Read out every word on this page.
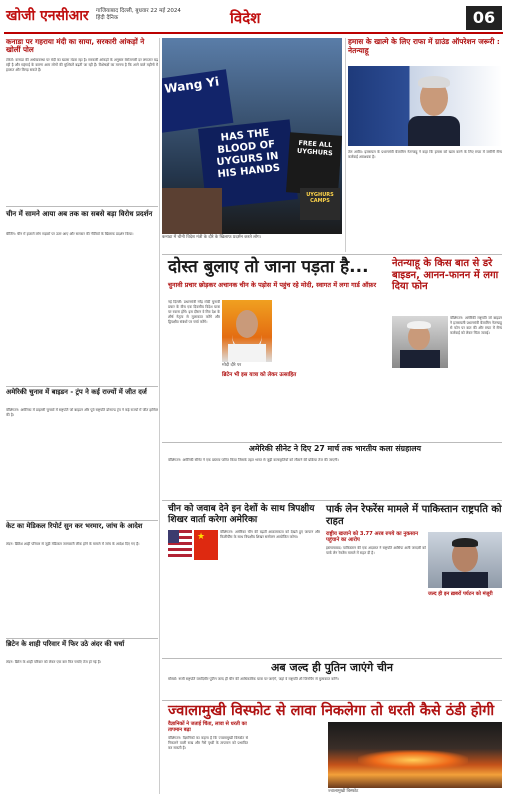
खोजी एनसीआर गाजियाबाद दिल्ली, बुधवार 22 मई 2024
हिंदी दैनिक	विदेश	06
कनाडा पर गहराया मंदी का साया, सरकारी आंकड़ों ने खोलीं पोल
टोरंटो: कनाडा की अर्थव्यवस्था पर मंदी का खतरा मंडरा रहा है। सरकारी आंकड़ों के अनुसार बेरोजगारी दर लगातार बढ़ रही है और महंगाई के कारण आम लोगों की मुश्किलें बढ़ती जा रही हैं। विशेषज्ञों का मानना है कि आने वाले महीनों में हालात और बिगड़ सकते हैं।
चीन में सामने आया अब तक का सबसे बड़ा विरोध प्रदर्शन
बीजिंग: चीन में हजारों लोग सड़कों पर उतर आए और सरकार की नीतियों के खिलाफ प्रदर्शन किया।
अमेरिकी चुनाव में बाइडन - ट्रंप ने कई राज्यों में जीत दर्ज
वॉशिंगटन: अमेरिका में प्राइमरी चुनावों में राष्ट्रपति जो बाइडन और पूर्व राष्ट्रपति डोनाल्ड ट्रंप ने कई राज्यों में जीत हासिल की है।
केट का मेडिकल रिपोर्ट सुन कर भरमार, जांच के आदेश
लंदन: ब्रिटिश शाही परिवार से जुड़ी मेडिकल जानकारी लीक होने के मामले में जांच के आदेश दिए गए हैं।
ब्रिटेन के शाही परिवार में फिर उठे अंदर की चर्चा
लंदन: ब्रिटेन के शाही परिवार को लेकर एक बार फिर चर्चाएं तेज हो गई हैं।
Wang Yi
HAS THE BLOOD OF UYGURS IN HIS HANDS
FREE ALL UYGHURS
UYGHURS CAMPS
कनाडा में चीनी विदेश मंत्री के दौरे के खिलाफ प्रदर्शन करते लोग।
हमास के खात्मे के लिए राफा में ग्राउंड ऑपरेशन जरूरी : नेतन्याहू
तेल अवीव: इजरायल के प्रधानमंत्री बेंजामिन नेतन्याहू ने कहा कि हमास को खत्म करने के लिए राफा में जमीनी सैन्य कार्रवाई आवश्यक है।
दोस्त बुलाए तो जाना पड़ता है...
चुनावी प्रचार छोड़कर अचानक चीन के पड़ोस में पहुंच रहे मोदी, स्वागत में लगा गार्ड ऑफ़र
नई दिल्ली: प्रधानमंत्री नरेंद्र मोदी चुनावी प्रचार के बीच एक दिवसीय विदेश यात्रा पर रवाना होंगे। इस दौरान वे मित्र देश के शीर्ष नेतृत्व से मुलाकात करेंगे और द्विपक्षीय संबंधों पर चर्चा करेंगे।
मोदी दौरे पर
ब्रिटेन भी इस यात्रा को लेकर उत्साहित
नेतन्याहू के किस बात से डरे बाइडन, आनन-फानन में लगा दिया फोन
वॉशिंगटन: अमेरिकी राष्ट्रपति जो बाइडन ने इजरायली प्रधानमंत्री बेंजामिन नेतन्याहू से फोन पर बात की और राफा में सैन्य कार्रवाई को लेकर चिंता जताई।
अमेरिकी सीनेट ने दिए 27 मार्च तक भारतीय कला संग्रहालय
वॉशिंगटन: अमेरिकी सीनेट ने एक प्रस्ताव पारित किया जिसके तहत भारत से जुड़ी कलाकृतियों को लौटाने की प्रक्रिया तेज की जाएगी।
चीन को जवाब देने इन देशों के साथ त्रिपक्षीय शिखर वार्ता करेगा अमेरिका
★	वॉशिंगटन: अमेरिका चीन की बढ़ती आक्रामकता को देखते हुए जापान और फिलीपींस के साथ त्रिपक्षीय शिखर सम्मेलन आयोजित करेगा।
पार्क लेन रेफरेंस मामले में पाकिस्तान राष्ट्रपति को राहत
राष्ट्रीय खजाने को 3.77 अरब रुपये का नुकसान पहुंचाने का आरोप
इस्लामाबाद: पाकिस्तान की एक अदालत ने राष्ट्रपति आसिफ अली जरदारी को पार्क लेन रेफरेंस मामले में राहत दी है।
जल्द ही इन ख़बरों पर्यटन को मंजूरी
अब जल्द ही पुतिन जाएंगे चीन
मॉस्को: रूसी राष्ट्रपति व्लादिमीर पुतिन जल्द ही चीन की आधिकारिक यात्रा पर जाएंगे, जहां वे राष्ट्रपति शी जिनपिंग से मुलाकात करेंगे।
ज्वालामुखी विस्फोट से लावा निकलेगा तो धरती कैसे ठंडी होगी
वैज्ञानिकों ने जताई चिंता, लावा से धरती का तापमान बढ़ा
वॉशिंगटन: वैज्ञानिकों का कहना है कि ज्वालामुखी विस्फोट से निकलने वाली राख और गैसें पृथ्वी के तापमान को प्रभावित कर सकती हैं।
ज्वालामुखी विस्फोट
